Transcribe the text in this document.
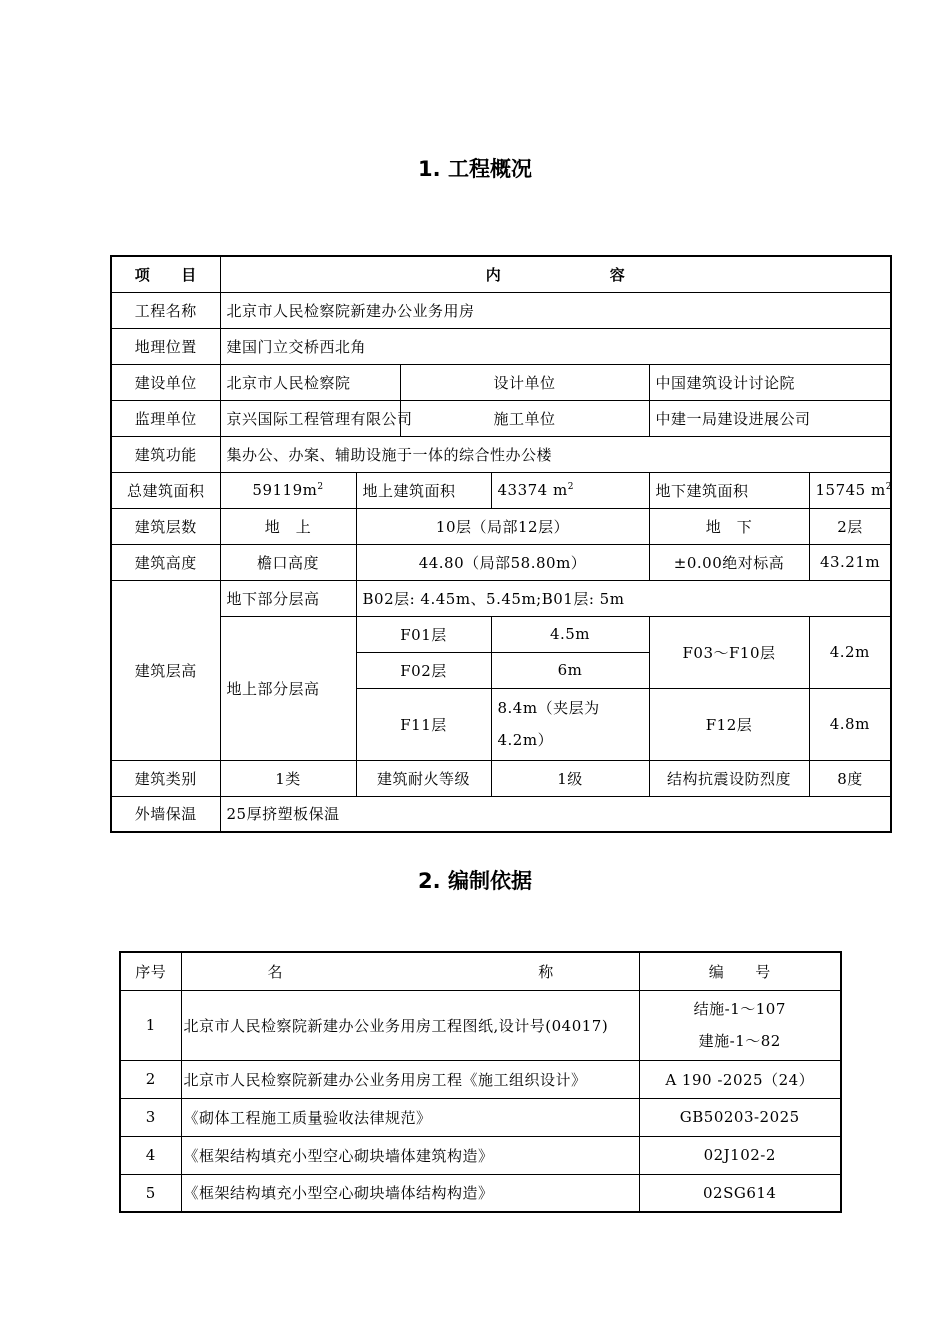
1. 工程概况
项　　目	内　　　　　　　容					
工程名称	北京市人民检察院新建办公业务用房					
地理位置	建国门立交桥西北角					
建设单位	北京市人民检察院		设计单位		中国建筑设计讨论院	
监理单位	京兴国际工程管理有限公司		施工单位		中建一局建设进展公司	
建筑功能	集办公、办案、辅助设施于一体的综合性办公楼					
总建筑面积	$59119m^2$	地上建筑面积		43374 $m^2$	地下建筑面积	15745 $m^2$
建筑层数	地　上	10层（局部12层）			地　下	2层
建筑高度	檐口高度	44.80（局部58.80m）			±0.00绝对标高	43.21m
建筑层高	地下部分层高	B02层: 4.45m、5.45m;B01层: 5m				
	地上部分层高	F01层		4.5m	F03～F10层	4.2m
		F02层		6m		
		F11层		8.4m（夹层为4.2m）	F12层	4.8m

建筑类别	1类	建筑耐火等级		1级	结构抗震设防烈度	8度
外墙保温	25厚挤塑板保温					
2. 编制依据
序号	名 称	编　　号
1	北京市人民检察院新建办公业务用房工程图纸,设计号(04017)	结施-1～107
建施-1～82

2	北京市人民检察院新建办公业务用房工程《施工组织设计》	A 190 -2025（24）
3	《砌体工程施工质量验收法律规范》	GB50203-2025
4	《框架结构填充小型空心砌块墙体建筑构造》	02J102-2
5	《框架结构填充小型空心砌块墙体结构构造》	02SG614
